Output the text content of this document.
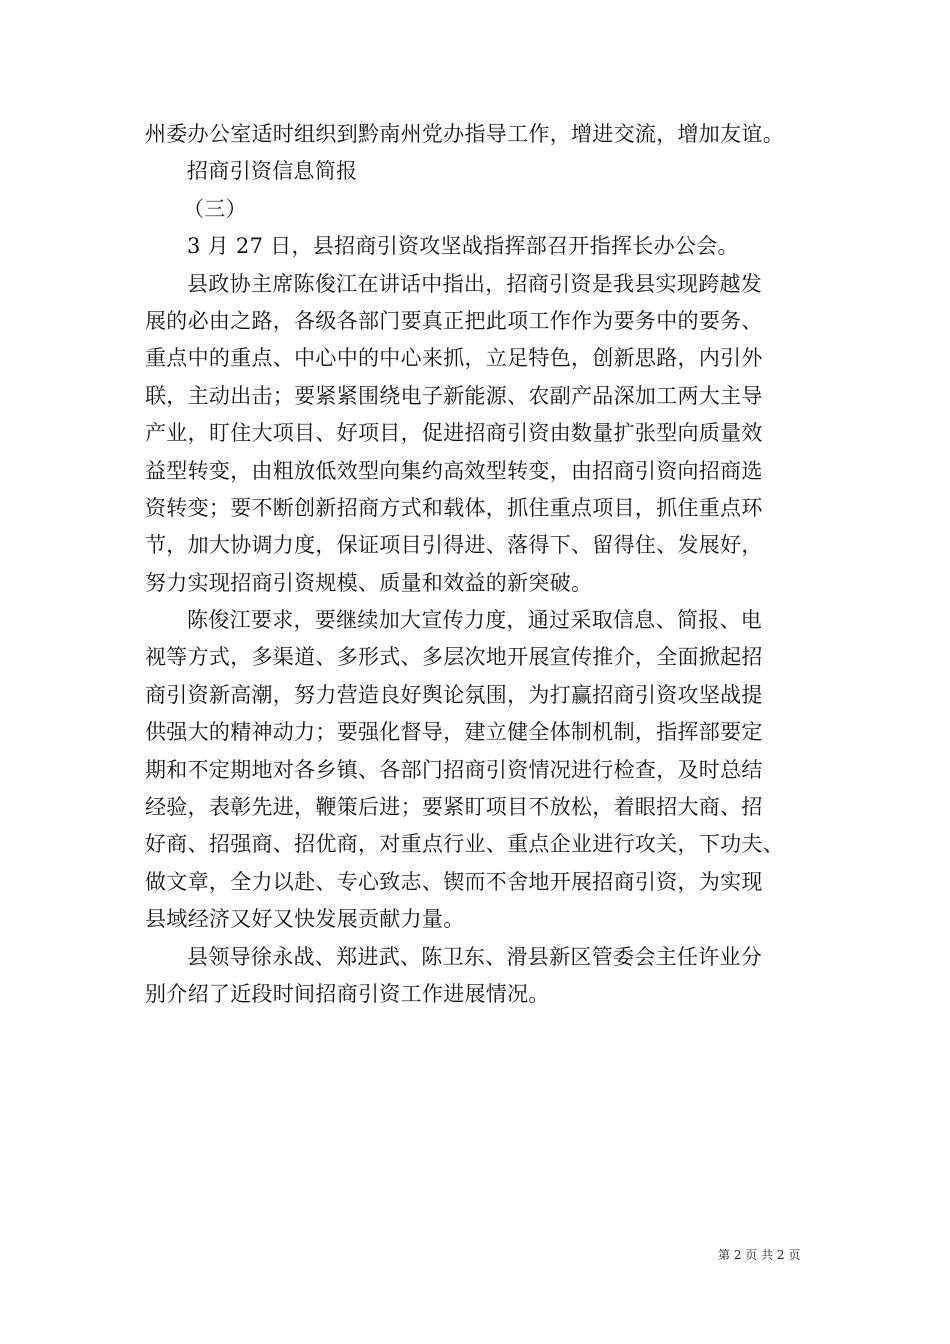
州委办公室适时组织到黔南州党办指导工作，增进交流，增加友谊。
招商引资信息简报
（三）
3 月 27 日，县招商引资攻坚战指挥部召开指挥长办公会。
县政协主席陈俊江在讲话中指出，招商引资是我县实现跨越发
展的必由之路，各级各部门要真正把此项工作作为要务中的要务、
重点中的重点、中心中的中心来抓，立足特色，创新思路，内引外
联，主动出击；要紧紧围绕电子新能源、农副产品深加工两大主导
产业，盯住大项目、好项目，促进招商引资由数量扩张型向质量效
益型转变，由粗放低效型向集约高效型转变，由招商引资向招商选
资转变；要不断创新招商方式和载体，抓住重点项目，抓住重点环
节，加大协调力度，保证项目引得进、落得下、留得住、发展好，
努力实现招商引资规模、质量和效益的新突破。
陈俊江要求，要继续加大宣传力度，通过采取信息、简报、电
视等方式，多渠道、多形式、多层次地开展宣传推介，全面掀起招
商引资新高潮，努力营造良好舆论氛围，为打赢招商引资攻坚战提
供强大的精神动力；要强化督导，建立健全体制机制，指挥部要定
期和不定期地对各乡镇、各部门招商引资情况进行检查，及时总结
经验，表彰先进，鞭策后进；要紧盯项目不放松，着眼招大商、招
好商、招强商、招优商，对重点行业、重点企业进行攻关，下功夫、
做文章，全力以赴、专心致志、锲而不舍地开展招商引资，为实现
县域经济又好又快发展贡献力量。
县领导徐永战、郑进武、陈卫东、滑县新区管委会主任许业分
别介绍了近段时间招商引资工作进展情况。
第 2 页 共 2 页
